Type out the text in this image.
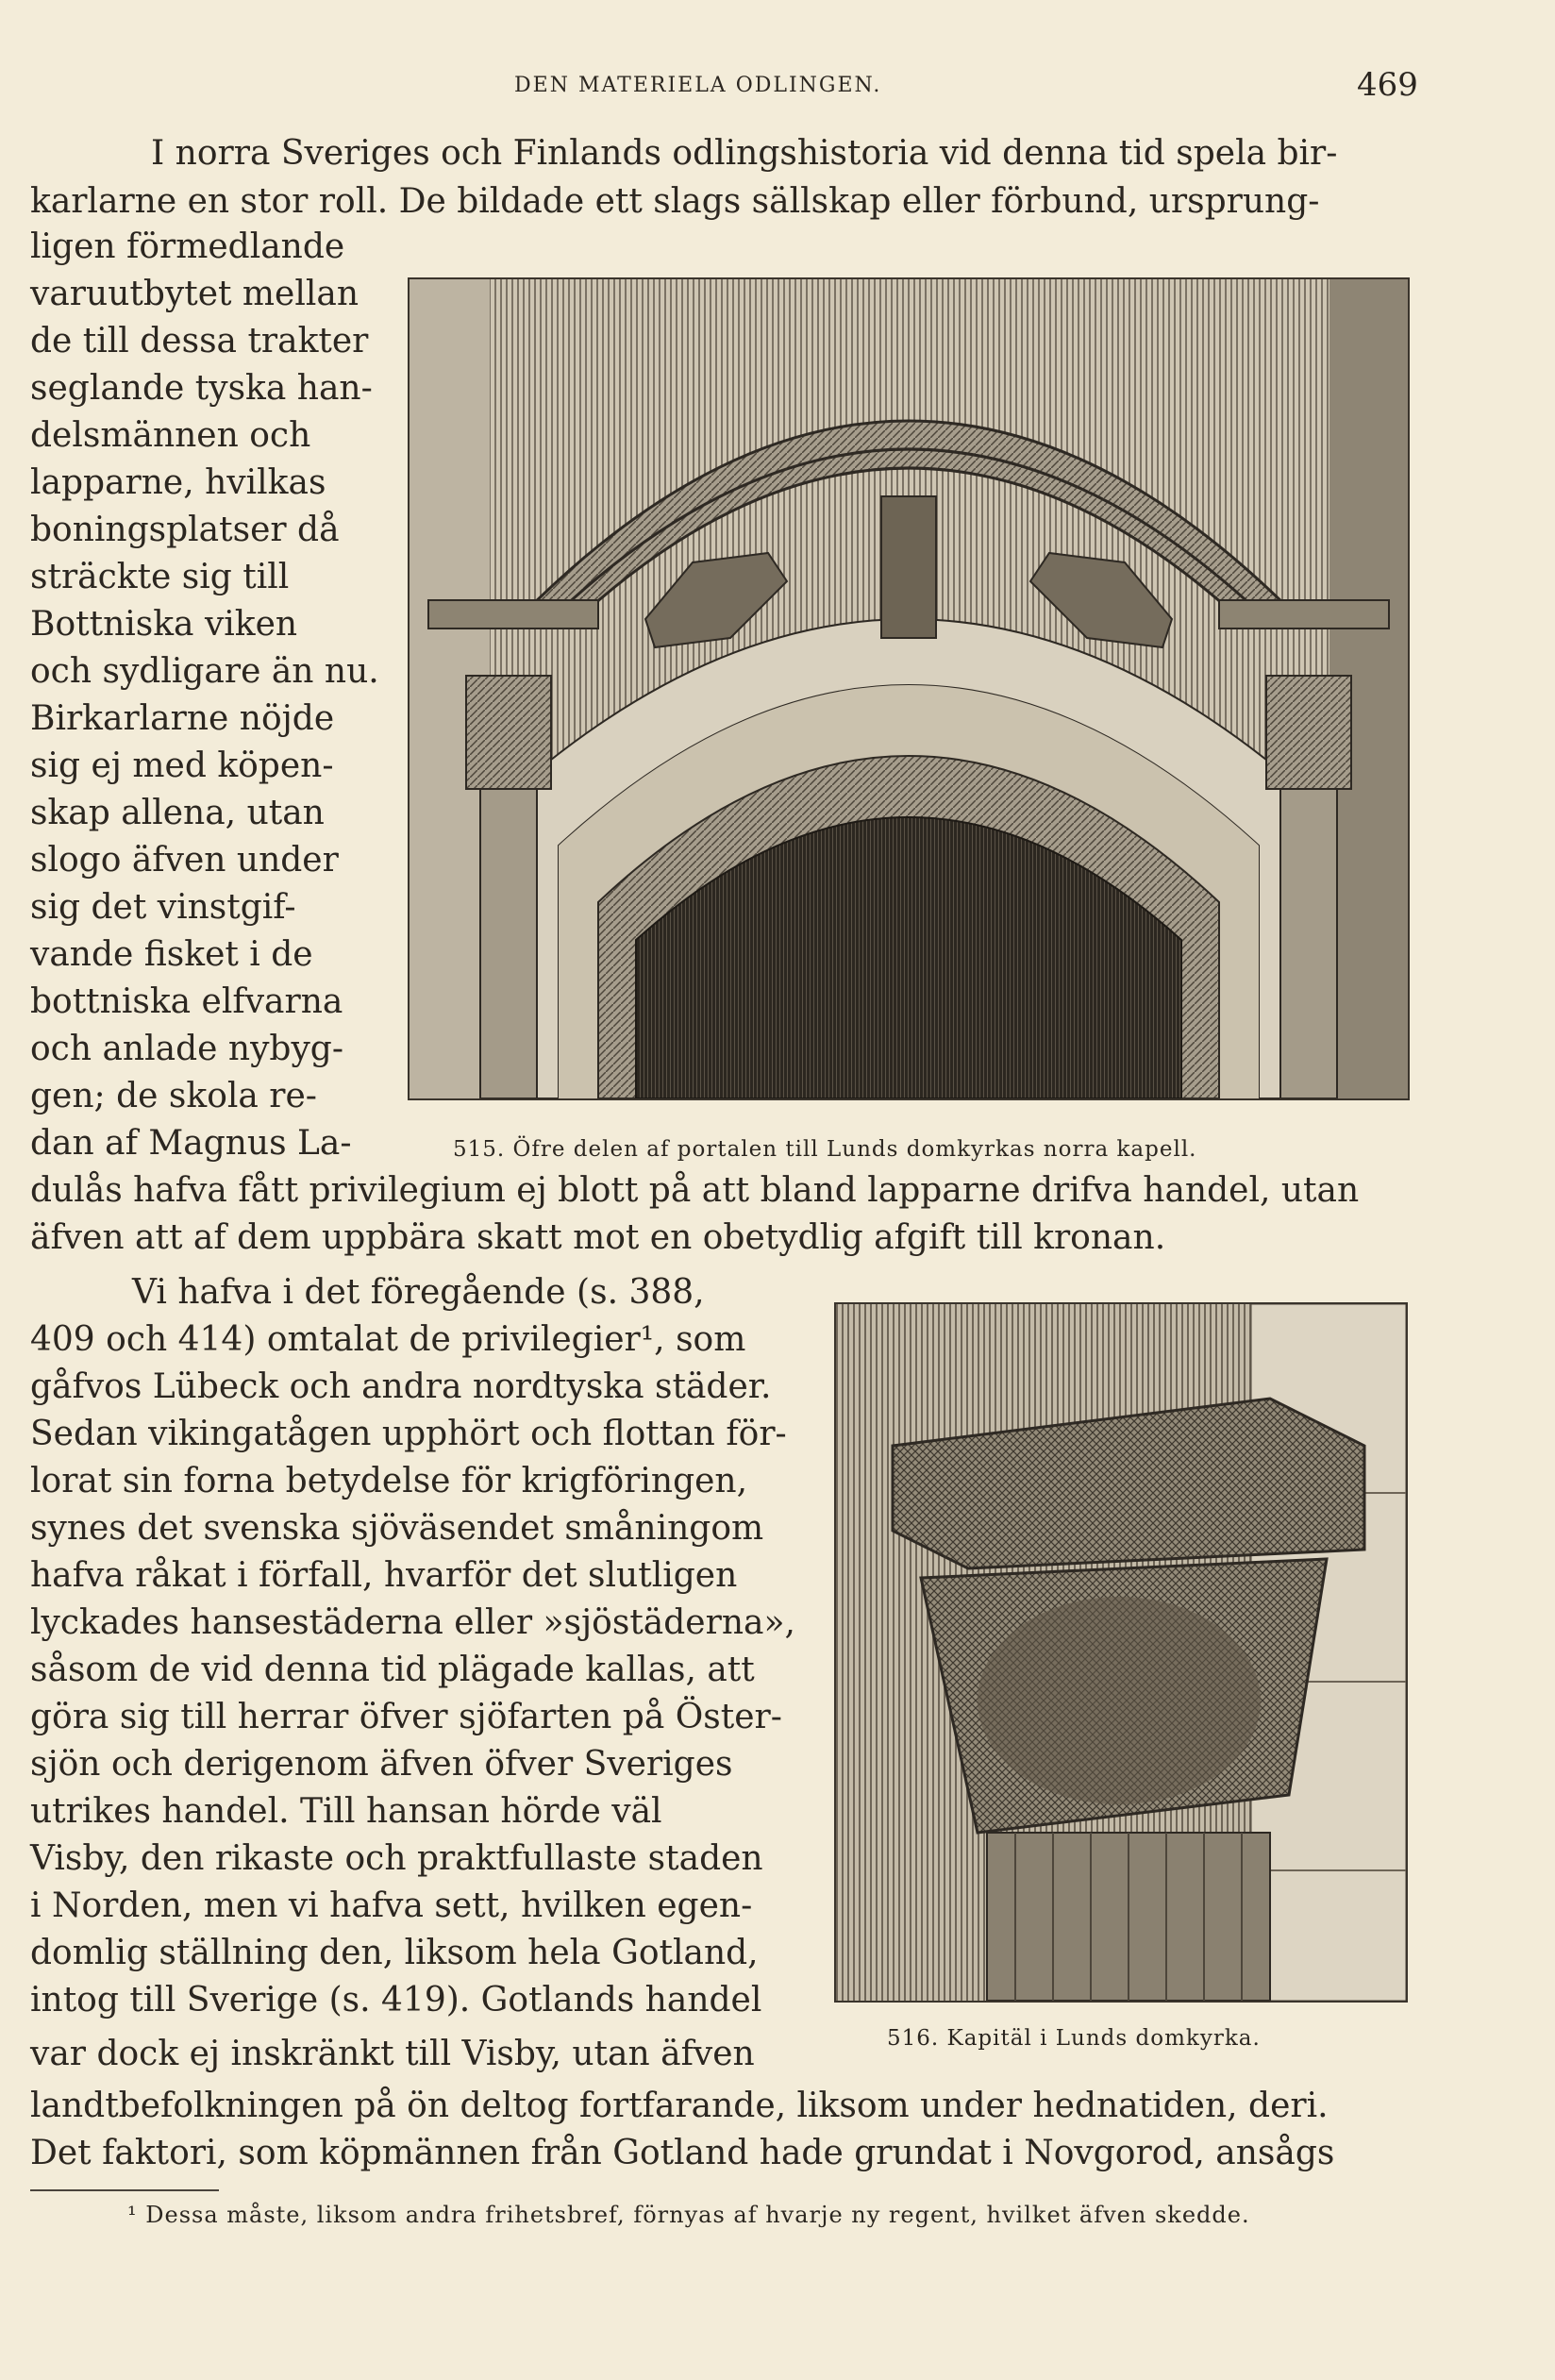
DEN MATERIELA ODLINGEN.	469
I norra Sveriges och Finlands odlingshistoria vid denna tid spela bir-
karlarne en stor roll. De bildade ett slags sällskap eller förbund, ursprung-
ligen förmedlande
varuutbytet mellan
de till dessa trakter
seglande tyska han-
delsmännen och
lapparne, hvilkas
boningsplatser då
sträckte sig till
Bottniska viken
och sydligare än nu.
Birkarlarne nöjde
sig ej med köpen-
skap allena, utan
slogo äfven under
sig det vinstgif-
vande fisket i de
bottniska elfvarna
och anlade nybyg-
gen; de skola re-
dan af Magnus La-
dulås hafva fått privilegium ej blott på att bland lapparne drifva handel, utan
äfven att af dem uppbära skatt mot en obetydlig afgift till kronan.
Vi hafva i det föregående (s. 388,
409 och 414) omtalat de privilegier¹, som
gåfvos Lübeck och andra nordtyska städer.
Sedan vikingatågen upphört och flottan för-
lorat sin forna betydelse för krigföringen,
synes det svenska sjöväsendet småningom
hafva råkat i förfall, hvarför det slutligen
lyckades hansestäderna eller »sjöstäderna»,
såsom de vid denna tid plägade kallas, att
göra sig till herrar öfver sjöfarten på Öster-
sjön och derigenom äfven öfver Sveriges
utrikes handel. Till hansan hörde väl
Visby, den rikaste och praktfullaste staden
i Norden, men vi hafva sett, hvilken egen-
domlig ställning den, liksom hela Gotland,
intog till Sverige (s. 419). Gotlands handel
var dock ej inskränkt till Visby, utan äfven
landtbefolkningen på ön deltog fortfarande, liksom under hednatiden, deri.
Det faktori, som köpmännen från Gotland hade grundat i Novgorod, ansågs
515. Öfre delen af portalen till Lunds domkyrkas norra kapell.
516. Kapitäl i Lunds domkyrka.
¹ Dessa måste, liksom andra frihetsbref, förnyas af hvarje ny regent, hvilket äfven skedde.
